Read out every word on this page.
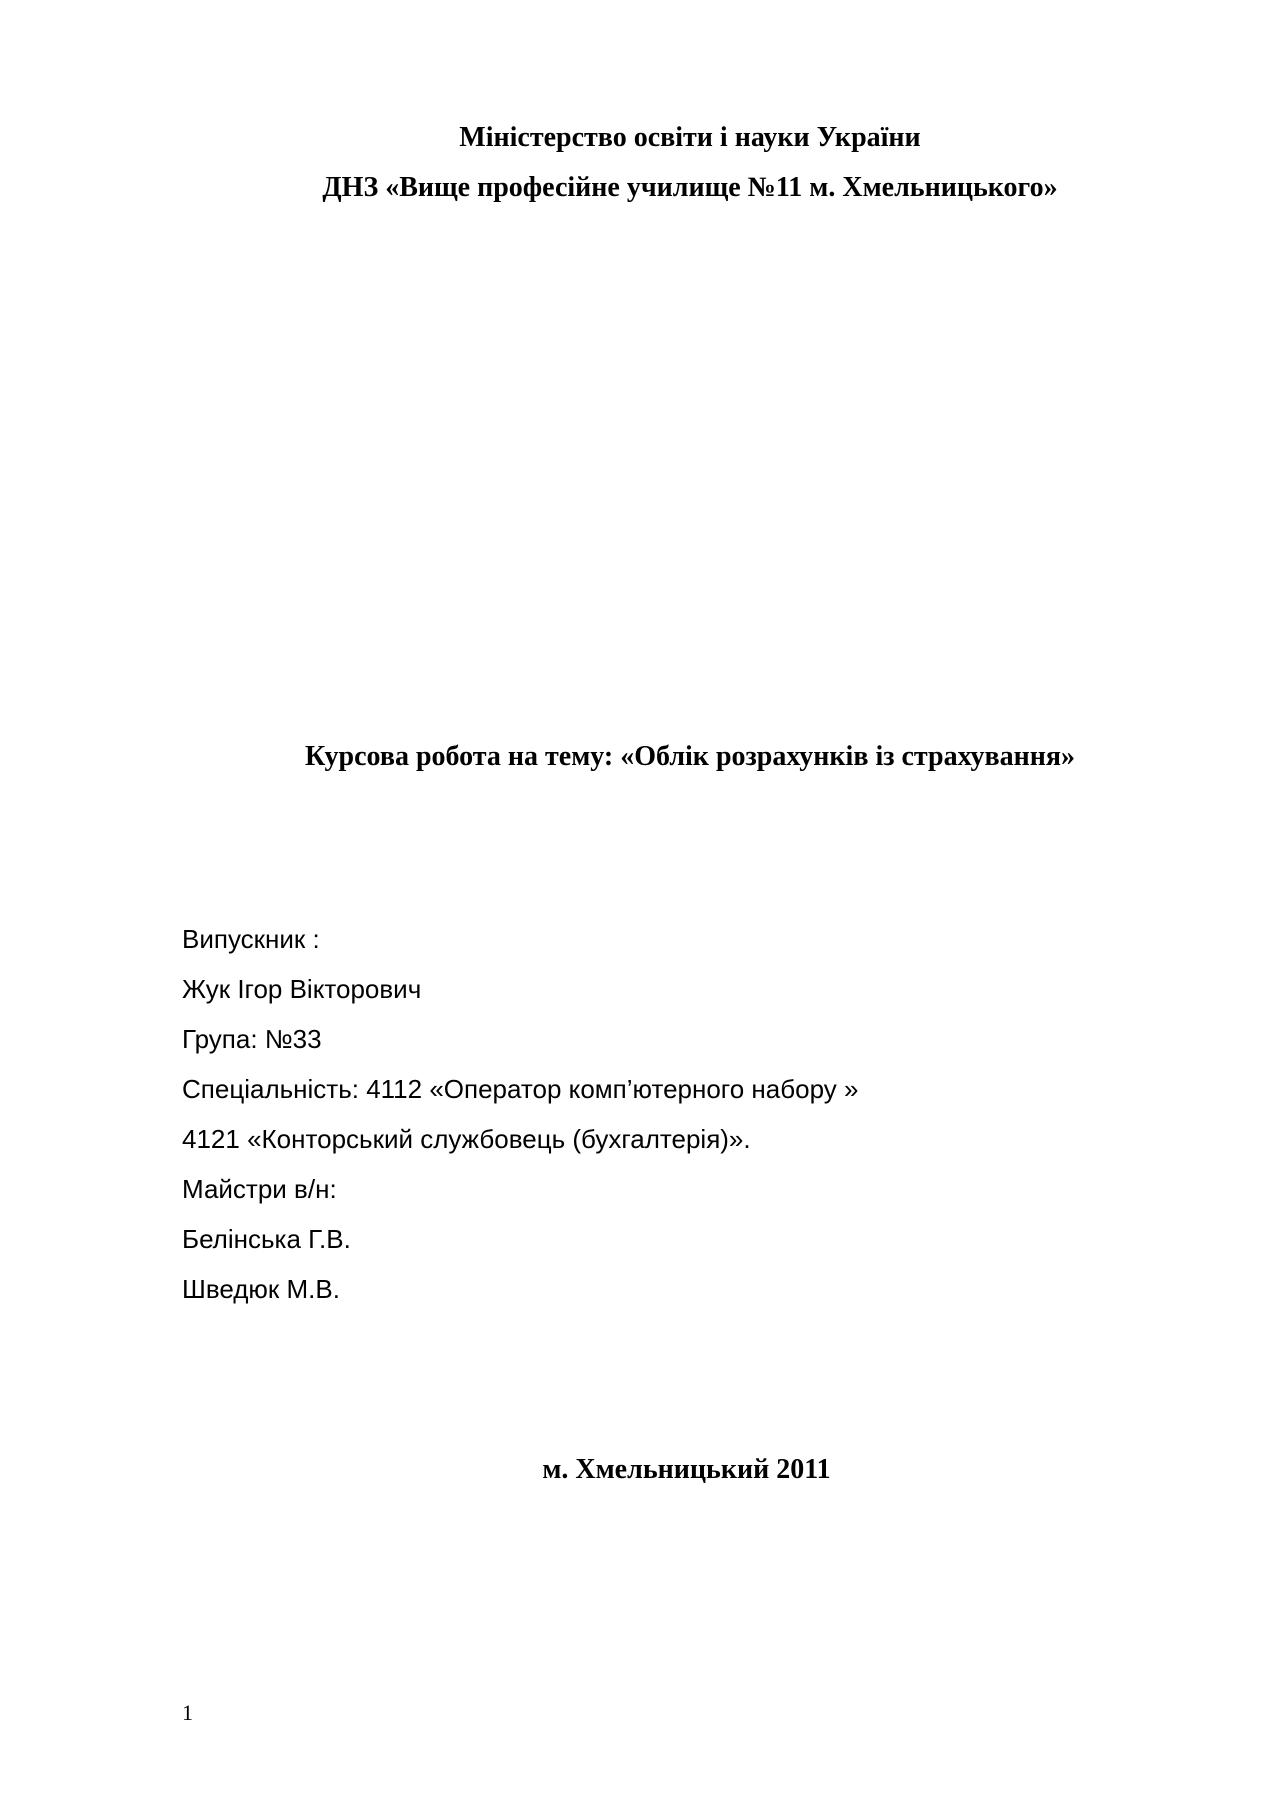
Міністерство освіти і науки України
ДНЗ «Вище професійне училище №11 м. Хмельницького»
Курсова робота на тему: «Облік розрахунків із страхування»
Випускник :
Жук Ігор Вікторович
Група: №33
Спеціальність: 4112 «Оператор комп’ютерного набору »
4121 «Конторський службовець (бухгалтерія)».
Майстри в/н:
Белінська Г.В.
Шведюк М.В.
м. Хмельницький 2011
1
